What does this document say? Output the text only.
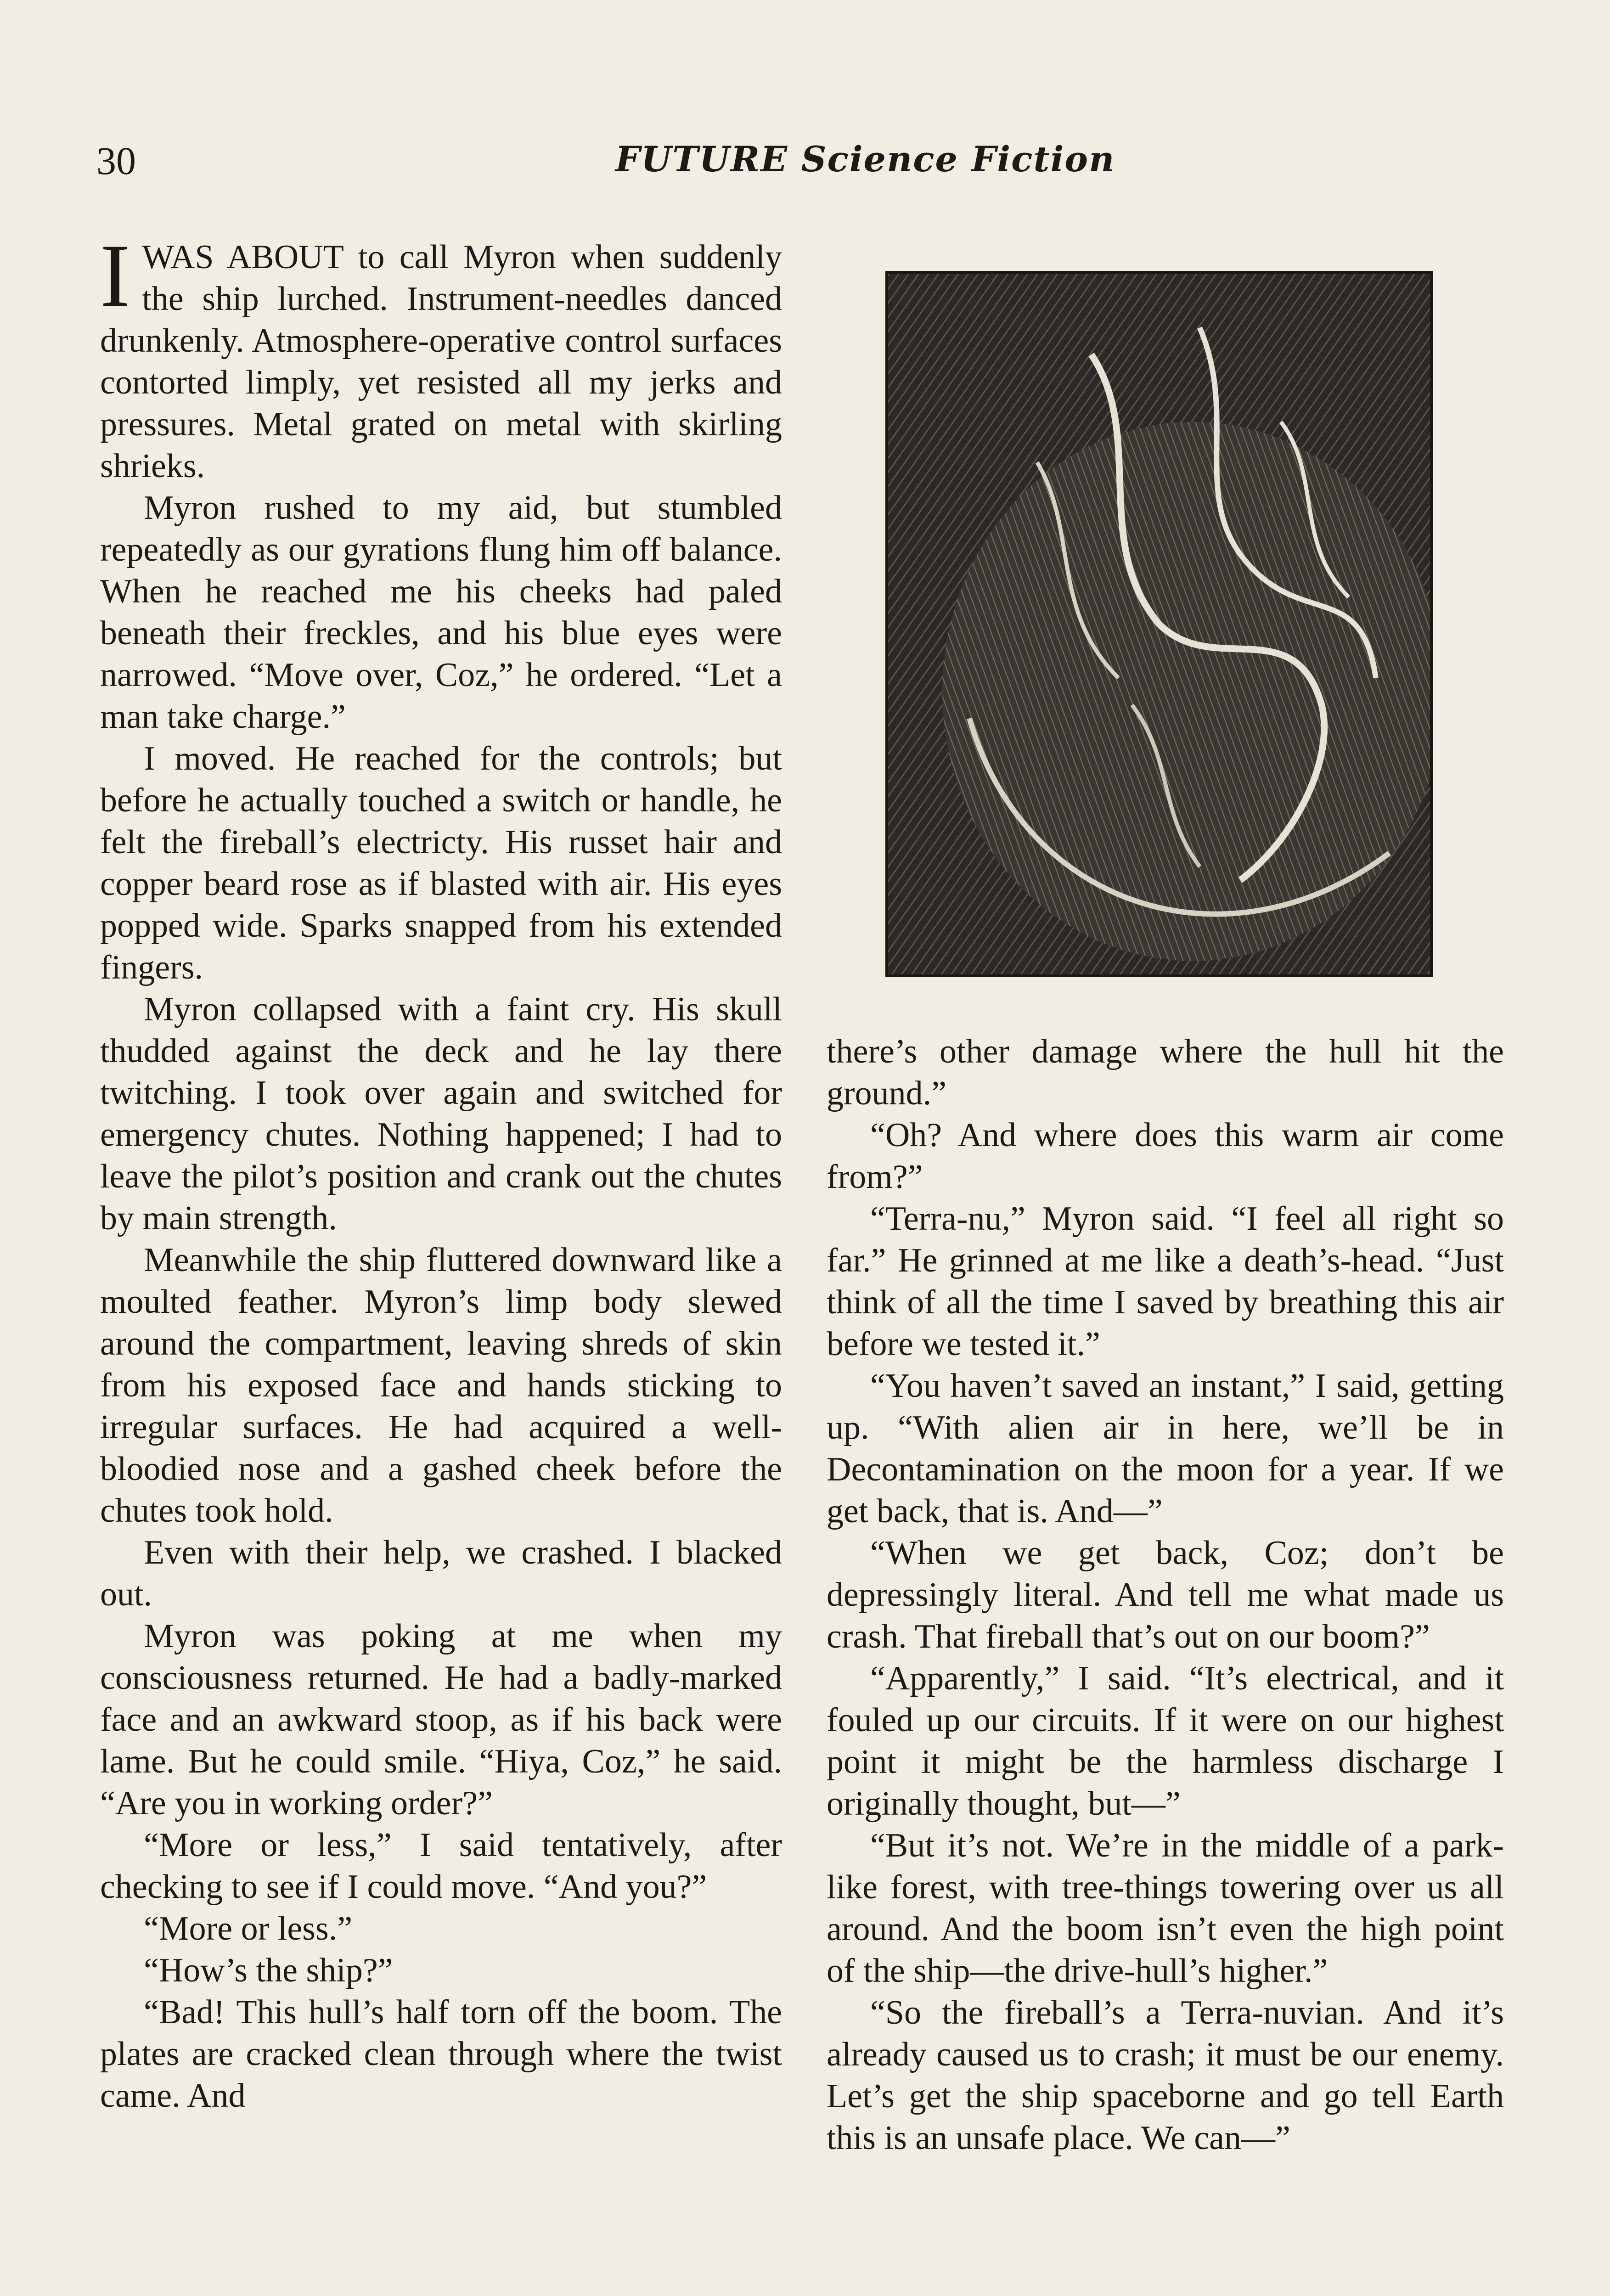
30	FUTURE Science Fiction

IWAS ABOUT to call Myron when suddenly the ship lurched. Instrument-needles danced drunkenly. Atmosphere-operative control surfaces contorted limply, yet resisted all my jerks and pressures. Metal grated on metal with skirling shrieks.

Myron rushed to my aid, but stumbled repeatedly as our gyrations flung him off balance. When he reached me his cheeks had paled beneath their freckles, and his blue eyes were narrowed. “Move over, Coz,” he ordered. “Let a man take charge.”

I moved. He reached for the controls; but before he actually touched a switch or handle, he felt the fireball’s electricty. His russet hair and copper beard rose as if blasted with air. His eyes popped wide. Sparks snapped from his extended fingers.

Myron collapsed with a faint cry. His skull thudded against the deck and he lay there twitching. I took over again and switched for emergency chutes. Nothing happened; I had to leave the pilot’s position and crank out the chutes by main strength.

Meanwhile the ship fluttered downward like a moulted feather. Myron’s limp body slewed around the compartment, leaving shreds of skin from his exposed face and hands sticking to irregular surfaces. He had acquired a well-bloodied nose and a gashed cheek before the chutes took hold.

Even with their help, we crashed. I blacked out.

Myron was poking at me when my consciousness returned. He had a badly-marked face and an awkward stoop, as if his back were lame. But he could smile. “Hiya, Coz,” he said. “Are you in working order?”

“More or less,” I said tentatively, after checking to see if I could move. “And you?”

“More or less.”

“How’s the ship?”

“Bad! This hull’s half torn off the boom. The plates are cracked clean through where the twist came. And

there’s other damage where the hull hit the ground.”

“Oh? And where does this warm air come from?”

“Terra-nu,” Myron said. “I feel all right so far.” He grinned at me like a death’s-head. “Just think of all the time I saved by breathing this air before we tested it.”

“You haven’t saved an instant,” I said, getting up. “With alien air in here, we’ll be in Decontamination on the moon for a year. If we get back, that is. And—”

“When we get back, Coz; don’t be depressingly literal. And tell me what made us crash. That fireball that’s out on our boom?”

“Apparently,” I said. “It’s electrical, and it fouled up our circuits. If it were on our highest point it might be the harmless discharge I originally thought, but—”

“But it’s not. We’re in the middle of a park-like forest, with tree-things towering over us all around. And the boom isn’t even the high point of the ship—the drive-hull’s higher.”

“So the fireball’s a Terra-nuvian. And it’s already caused us to crash; it must be our enemy. Let’s get the ship spaceborne and go tell Earth this is an unsafe place. We can—”
